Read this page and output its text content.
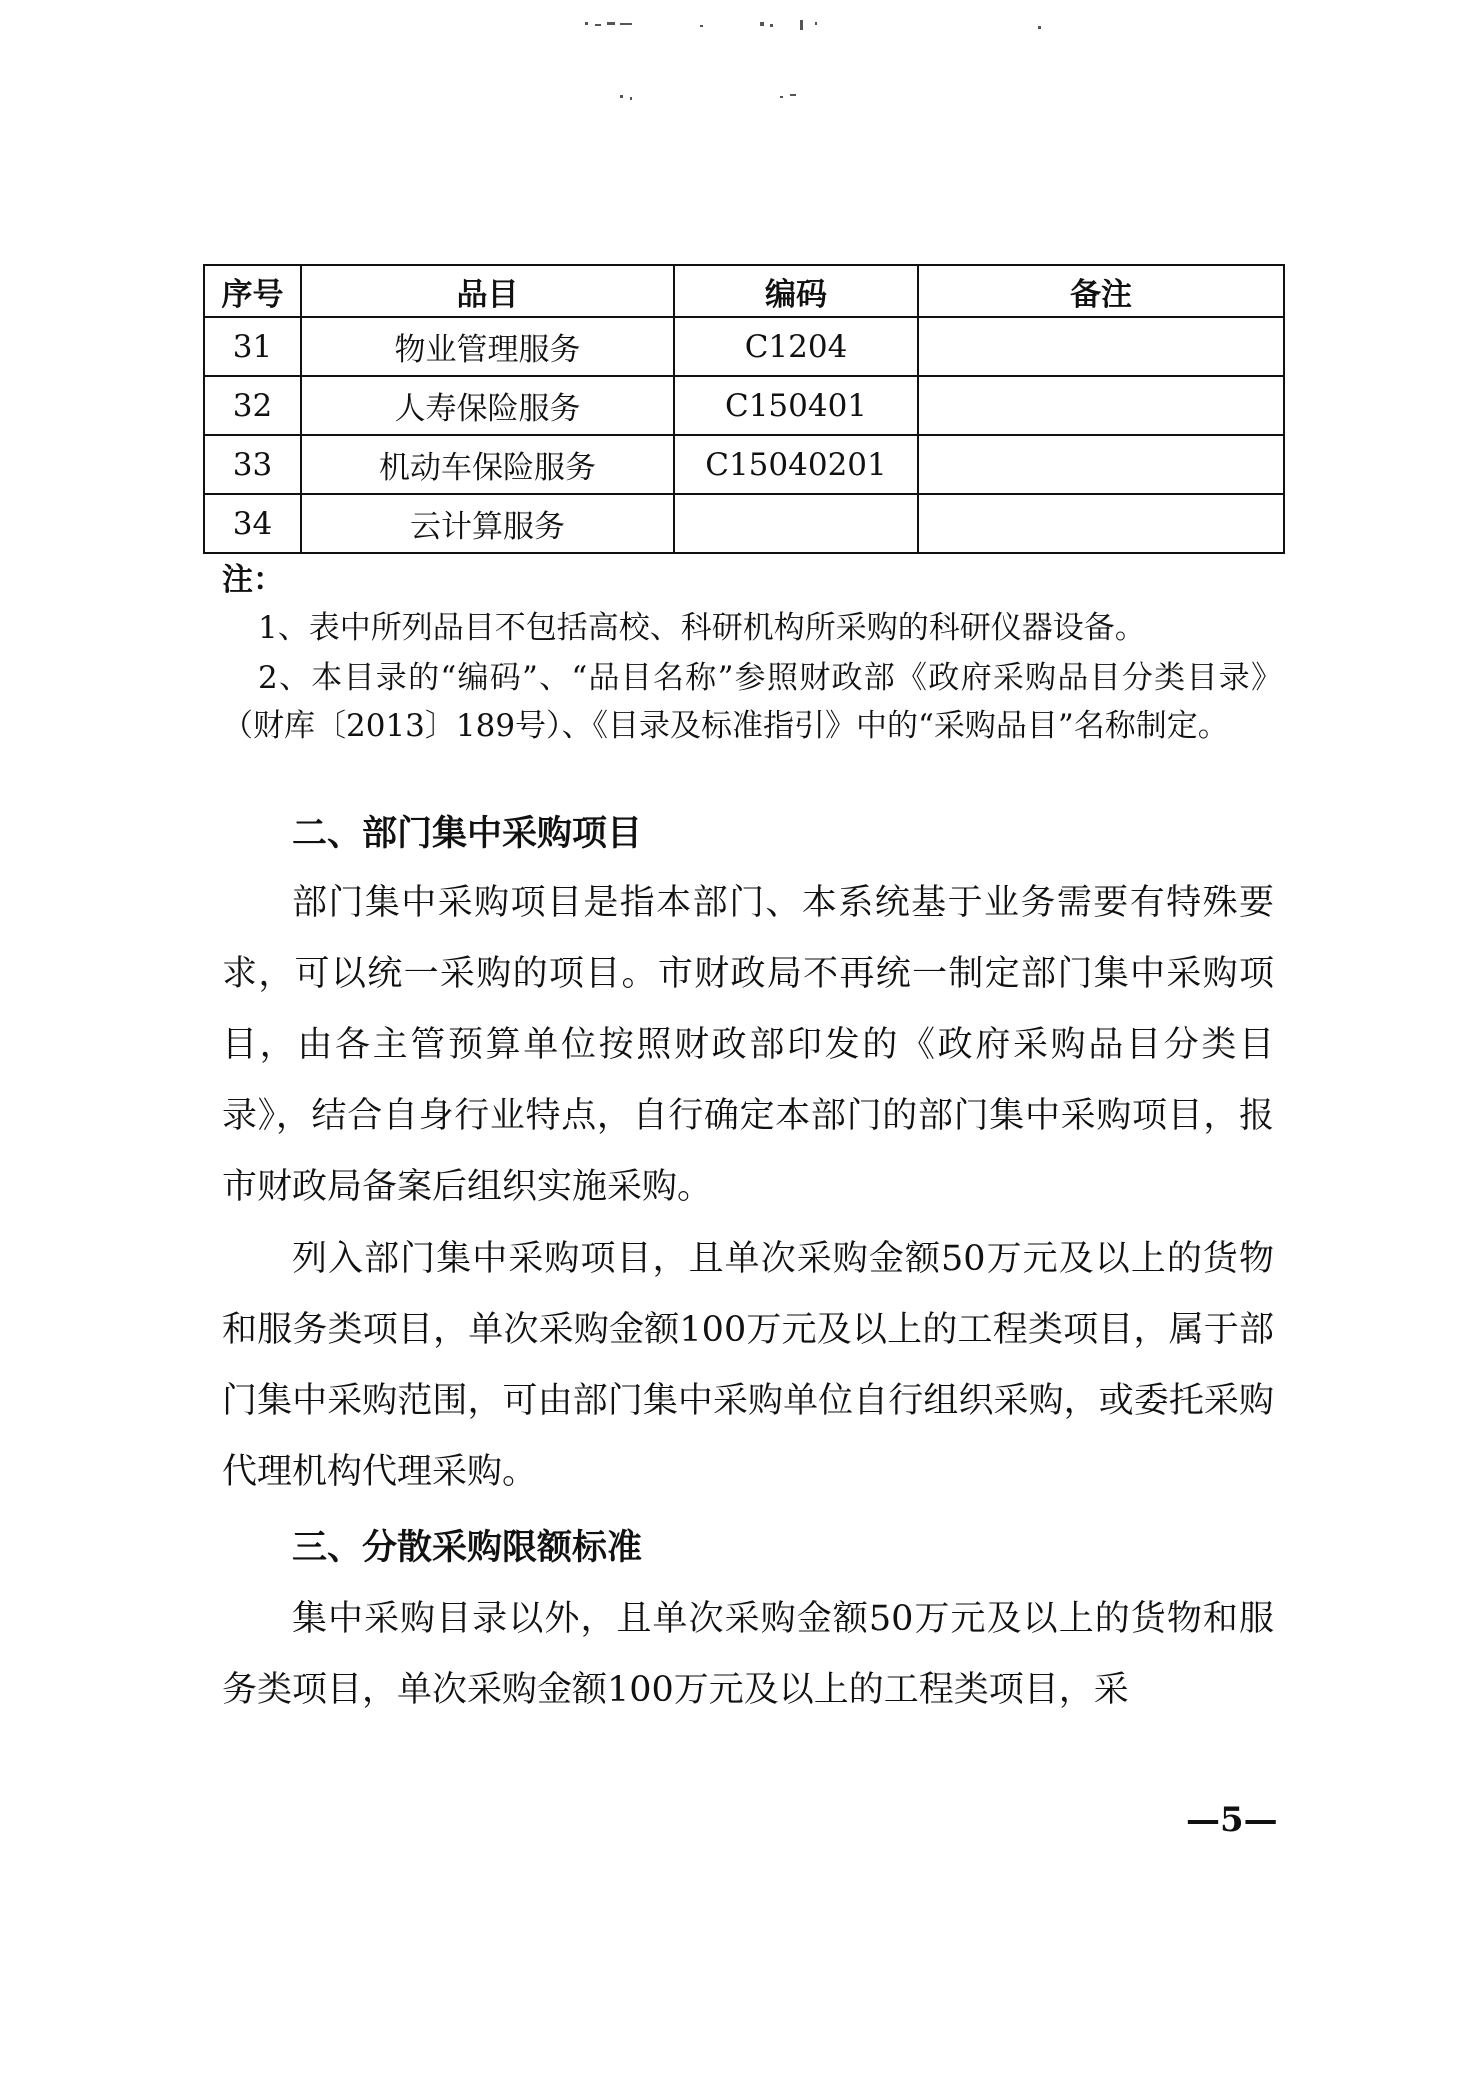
序号	品目	编码	备注
31	物业管理服务	C1204	
32	人寿保险服务	C150401	
33	机动车保险服务	C15040201	
34	云计算服务		
注：
1、表中所列品目不包括高校、科研机构所采购的科研仪器设备。
2、本目录的“编码”、“品目名称”参照财政部《政府采购品目分类目录》（财库〔2013〕189号）、《目录及标准指引》中的“采购品目”名称制定。
二、部门集中采购项目
部门集中采购项目是指本部门、本系统基于业务需要有特殊要求，可以统一采购的项目。市财政局不再统一制定部门集中采购项目，由各主管预算单位按照财政部印发的《政府采购品目分类目录》，结合自身行业特点，自行确定本部门的部门集中采购项目，报市财政局备案后组织实施采购。
列入部门集中采购项目，且单次采购金额50万元及以上的货物和服务类项目，单次采购金额100万元及以上的工程类项目，属于部门集中采购范围，可由部门集中采购单位自行组织采购，或委托采购代理机构代理采购。
三、分散采购限额标准
集中采购目录以外，且单次采购金额50万元及以上的货物和服务类项目，单次采购金额100万元及以上的工程类项目，采
—5—
